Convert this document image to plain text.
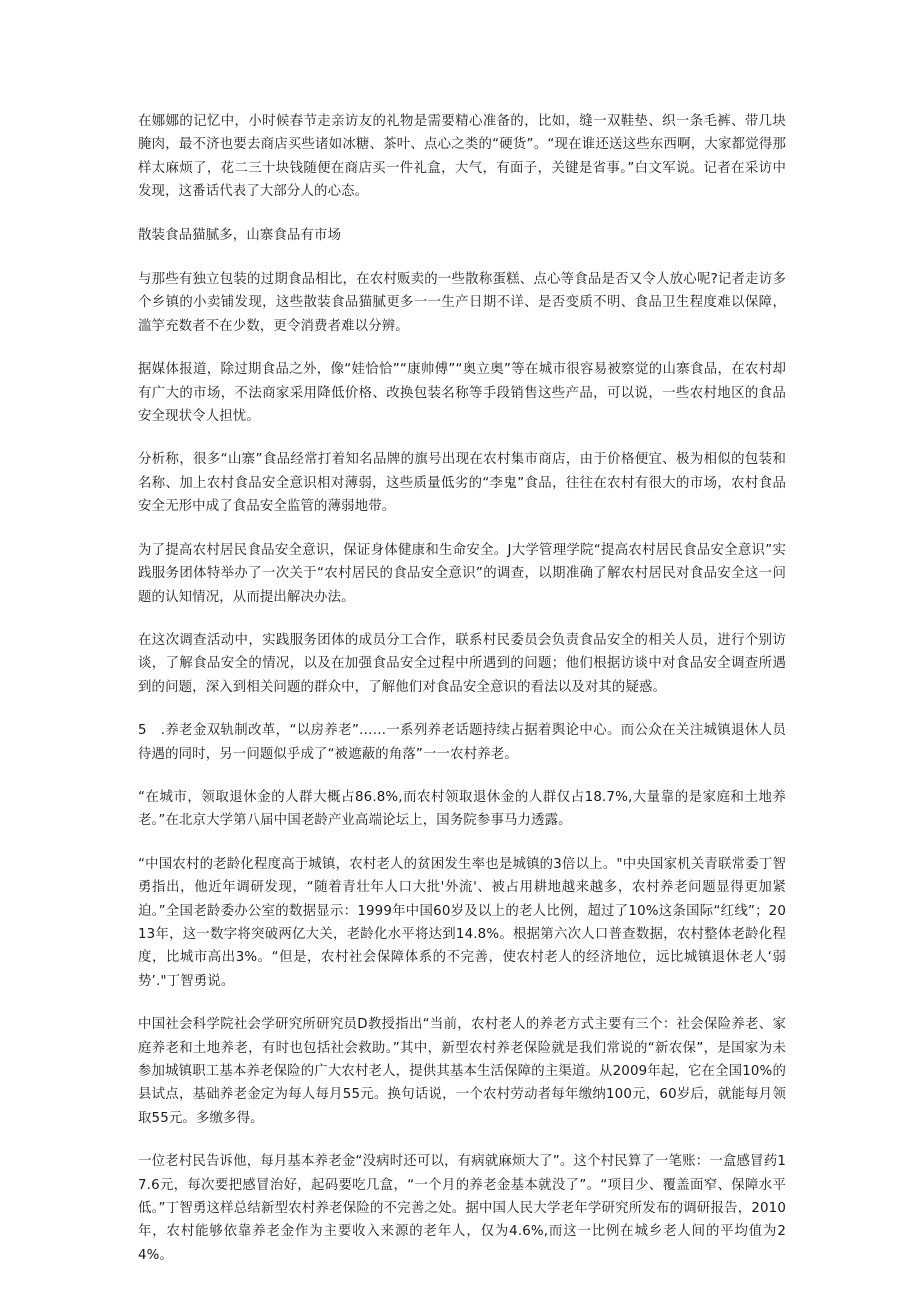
在娜娜的记忆中，小时候春节走亲访友的礼物是需要精心准备的，比如，缝一双鞋垫、织一条毛裤、带几块腌肉，最不济也要去商店买些诸如冰糖、茶叶、点心之类的“硬货”。“现在谁还送这些东西啊，大家都觉得那样太麻烦了，花二三十块钱随便在商店买一件礼盒，大气，有面子，关键是省事。”白文军说。记者在采访中发现，这番话代表了大部分人的心态。

散装食品猫腻多，山寨食品有市场

与那些有独立包装的过期食品相比，在农村贩卖的一些散称蛋糕、点心等食品是否又令人放心呢?记者走访多个乡镇的小卖铺发现，这些散装食品猫腻更多一一生产日期不详、是否变质不明、食品卫生程度难以保障，滥竽充数者不在少数，更令消费者难以分辨。

据媒体报道，除过期食品之外，像“娃恰恰”“康帅傅”“奥立奥”等在城市很容易被察觉的山寨食品，在农村却有广大的市场，不法商家采用降低价格、改换包装名称等手段销售这些产品，可以说，一些农村地区的食品安全现状令人担忧。

分析称，很多“山寨”食品经常打着知名品牌的旗号出现在农村集市商店，由于价格便宜、极为相似的包装和名称、加上农村食品安全意识相对薄弱，这些质量低劣的“李鬼”食品，往往在农村有很大的市场，农村食品安全无形中成了食品安全监管的薄弱地带。

为了提高农村居民食品安全意识，保证身体健康和生命安全。J大学管理学院“提高农村居民食品安全意识”实践服务团体特举办了一次关于“农村居民的食品安全意识”的调查，以期准确了解农村居民对食品安全这一问题的认知情况，从而提出解决办法。

在这次调查活动中，实践服务团体的成员分工合作，联系村民委员会负责食品安全的相关人员，进行个别访谈，了解食品安全的情况，以及在加强食品安全过程中所遇到的问题；他们根据访谈中对食品安全调查所遇到的问题，深入到相关问题的群众中，了解他们对食品安全意识的看法以及对其的疑惑。

5　.养老金双轨制改革，“以房养老”……一系列养老话题持续占据着舆论中心。而公众在关注城镇退休人员待遇的同时，另一问题似乎成了“被遮蔽的角落”一一农村养老。

“在城市，领取退休金的人群大概占86.8%,而农村领取退休金的人群仅占18.7%,大量靠的是家庭和土地养老。”在北京大学第八届中国老龄产业高端论坛上，国务院参事马力透露。

“中国农村的老龄化程度高于城镇，农村老人的贫困发生率也是城镇的3倍以上。"中央国家机关青联常委丁智勇指出，他近年调研发现，“随着青壮年人口大批'外流'、被占用耕地越来越多，农村养老问题显得更加紧迫。”全国老龄委办公室的数据显示：1999年中国60岁及以上的老人比例，超过了10%这条国际“红线”；2013年，这一数字将突破两亿大关，老龄化水平将达到14.8%。根据第六次人口普查数据，农村整体老龄化程度，比城市高出3%。“但是，农村社会保障体系的不完善，使农村老人的经济地位，远比城镇退休老人‘弱势’."丁智勇说。

中国社会科学院社会学研究所研究员D教授指出“当前，农村老人的养老方式主要有三个：社会保险养老、家庭养老和土地养老，有时也包括社会救助。”其中，新型农村养老保险就是我们常说的“新农保”，是国家为未参加城镇职工基本养老保险的广大农村老人，提供其基本生活保障的主渠道。从2009年起，它在全国10%的县试点，基础养老金定为每人每月55元。换句话说，一个农村劳动者每年缴纳100元，60岁后，就能每月领取55元。多缴多得。

一位老村民告诉他，每月基本养老金“没病时还可以，有病就麻烦大了”。这个村民算了一笔账：一盒感冒药17.6元，每次要把感冒治好，起码要吃几盒，“一个月的养老金基本就没了”。“项目少、覆盖面窄、保障水平低。”丁智勇这样总结新型农村养老保险的不完善之处。据中国人民大学老年学研究所发布的调研报告，2010年，农村能够依靠养老金作为主要收入来源的老年人，仅为4.6%,而这一比例在城乡老人间的平均值为24%。
